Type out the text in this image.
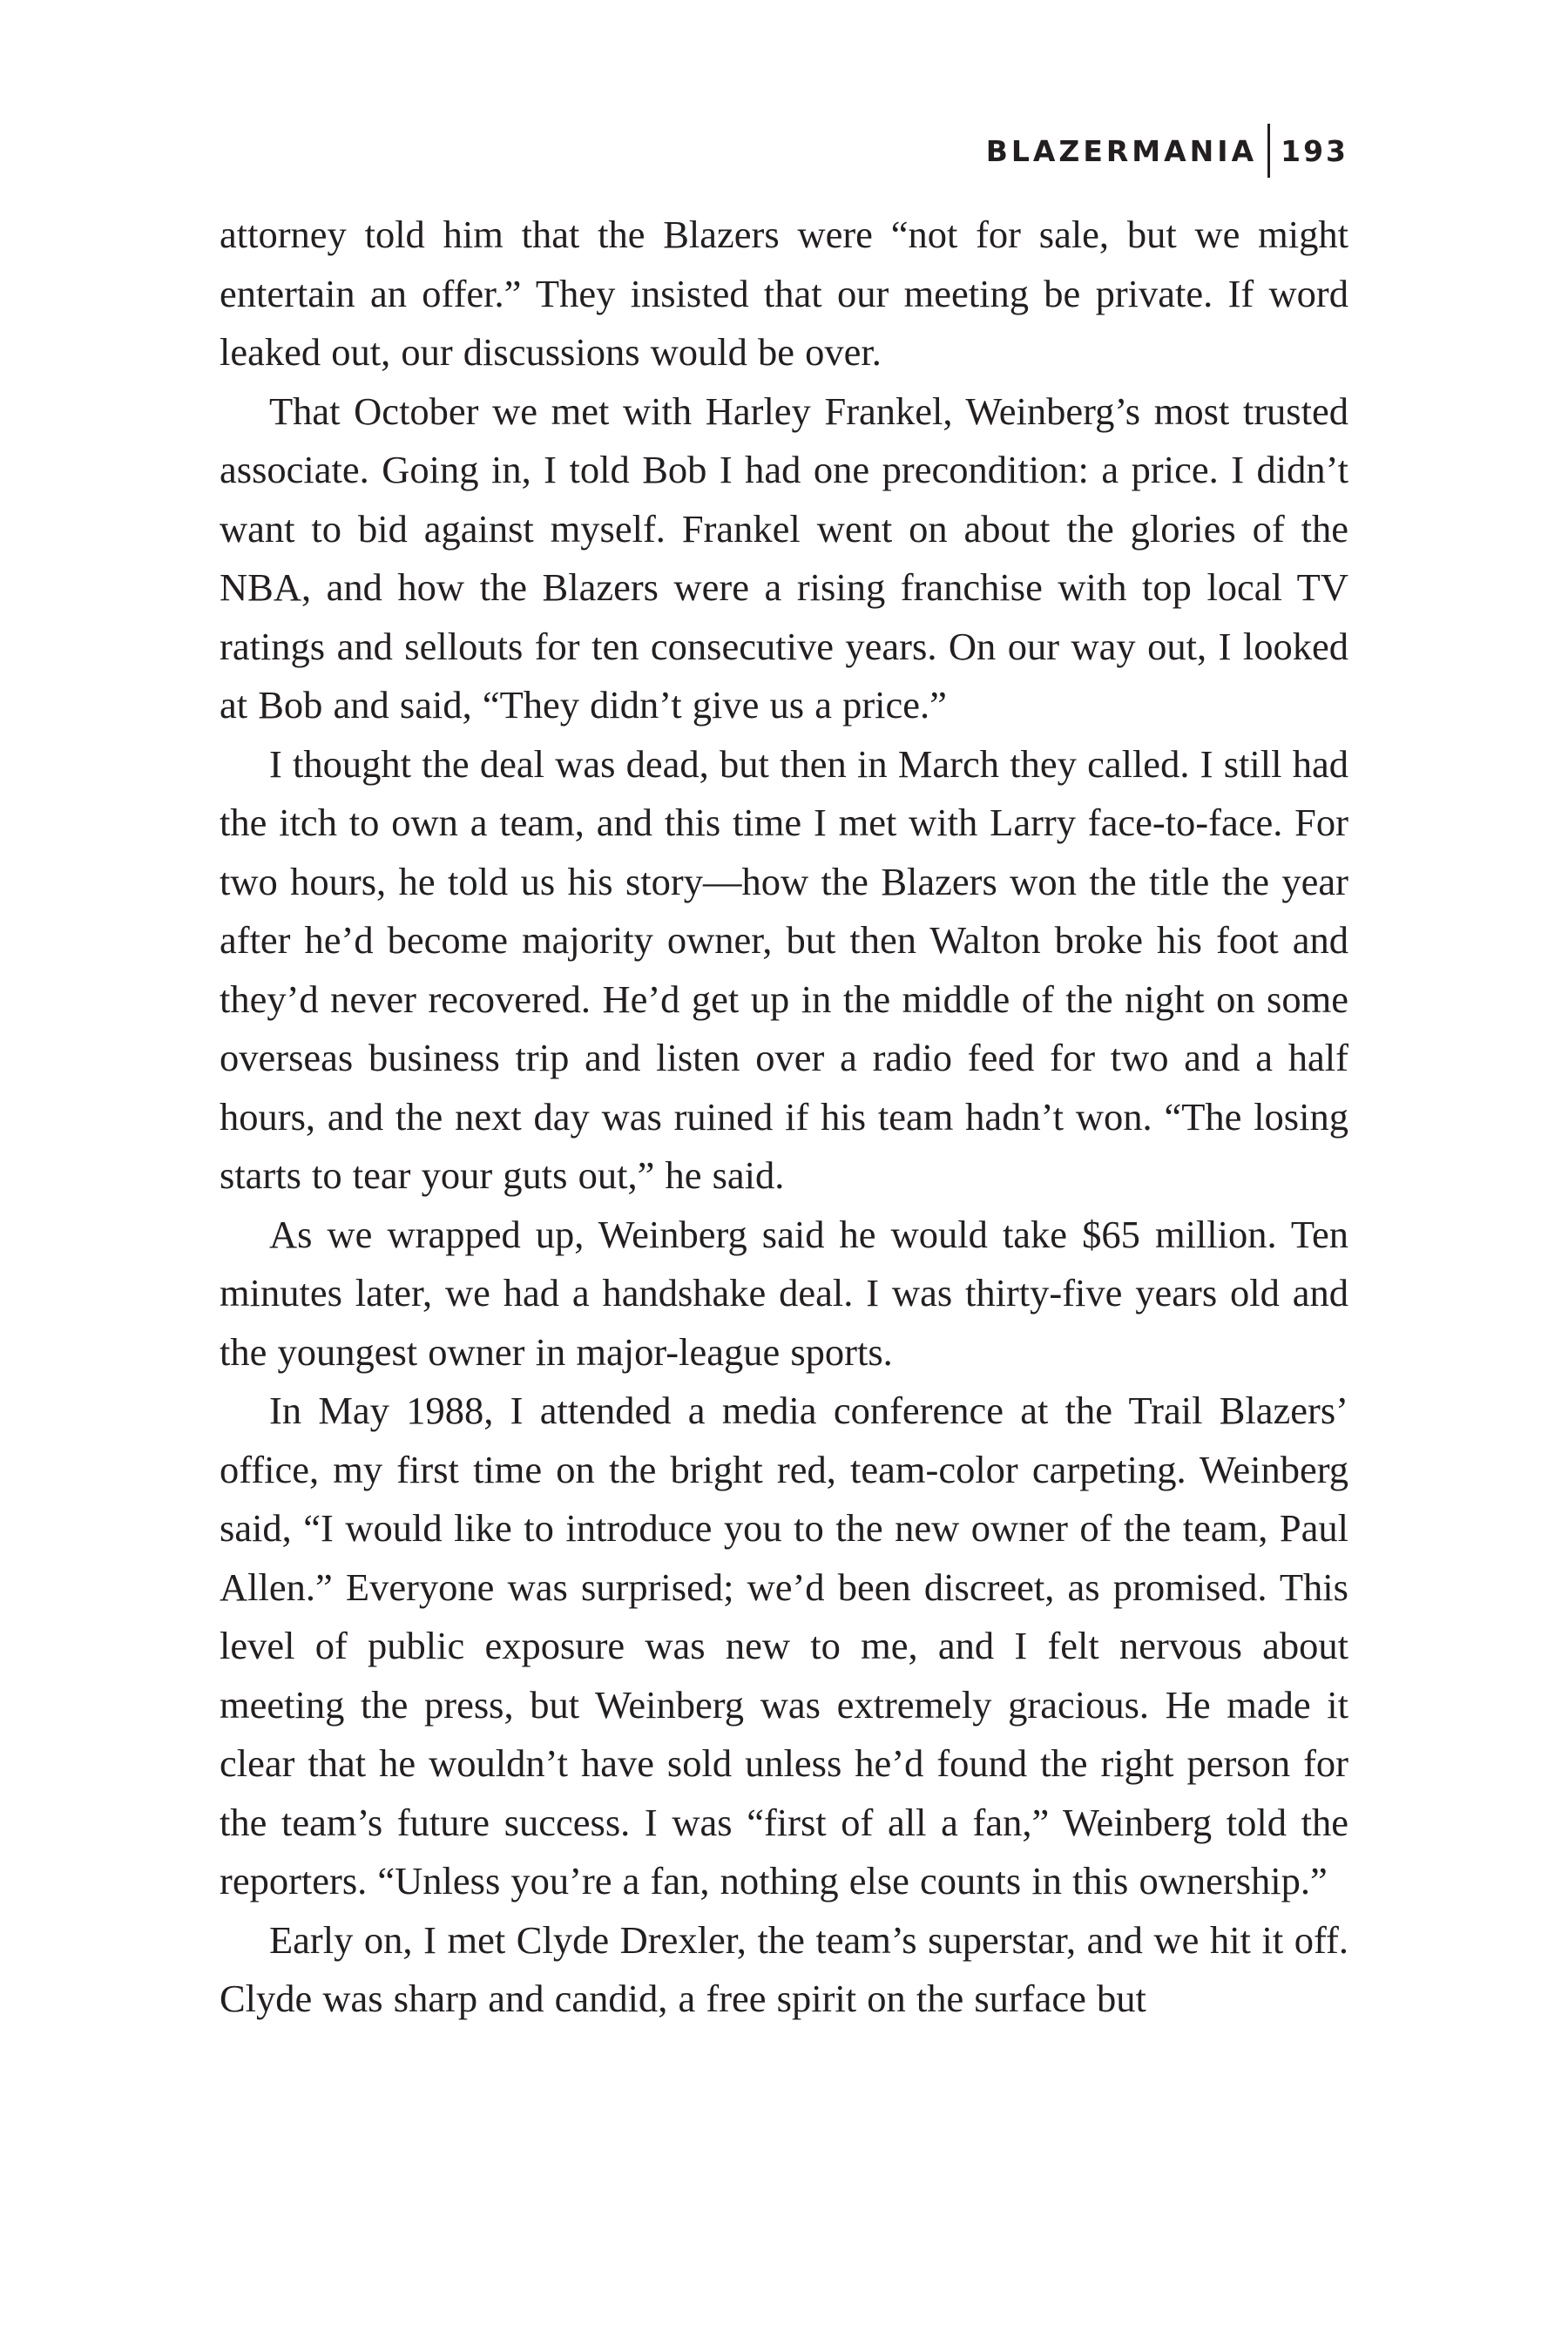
BLAZERMANIA 193

attorney told him that the Blazers were “not for sale, but we might entertain an offer.” They insisted that our meeting be private. If word leaked out, our discussions would be over.

That October we met with Harley Frankel, Weinberg’s most trusted associate. Going in, I told Bob I had one precondition: a price. I didn’t want to bid against myself. Frankel went on about the glories of the NBA, and how the Blazers were a rising franchise with top local TV ratings and sellouts for ten consecutive years. On our way out, I looked at Bob and said, “They didn’t give us a price.”

I thought the deal was dead, but then in March they called. I still had the itch to own a team, and this time I met with Larry face-to-face. For two hours, he told us his story—how the Blazers won the title the year after he’d become majority owner, but then Walton broke his foot and they’d never recovered. He’d get up in the middle of the night on some overseas business trip and listen over a radio feed for two and a half hours, and the next day was ruined if his team hadn’t won. “The losing starts to tear your guts out,” he said.

As we wrapped up, Weinberg said he would take $65 million. Ten minutes later, we had a handshake deal. I was thirty-five years old and the youngest owner in major-league sports.

In May 1988, I attended a media conference at the Trail Blazers’ office, my first time on the bright red, team-color carpeting. Weinberg said, “I would like to introduce you to the new owner of the team, Paul Allen.” Everyone was surprised; we’d been discreet, as promised. This level of public exposure was new to me, and I felt nervous about meeting the press, but Weinberg was extremely gracious. He made it clear that he wouldn’t have sold unless he’d found the right person for the team’s future success. I was “first of all a fan,” Weinberg told the reporters. “Unless you’re a fan, nothing else counts in this ownership.”

Early on, I met Clyde Drexler, the team’s superstar, and we hit it off. Clyde was sharp and candid, a free spirit on the surface but
